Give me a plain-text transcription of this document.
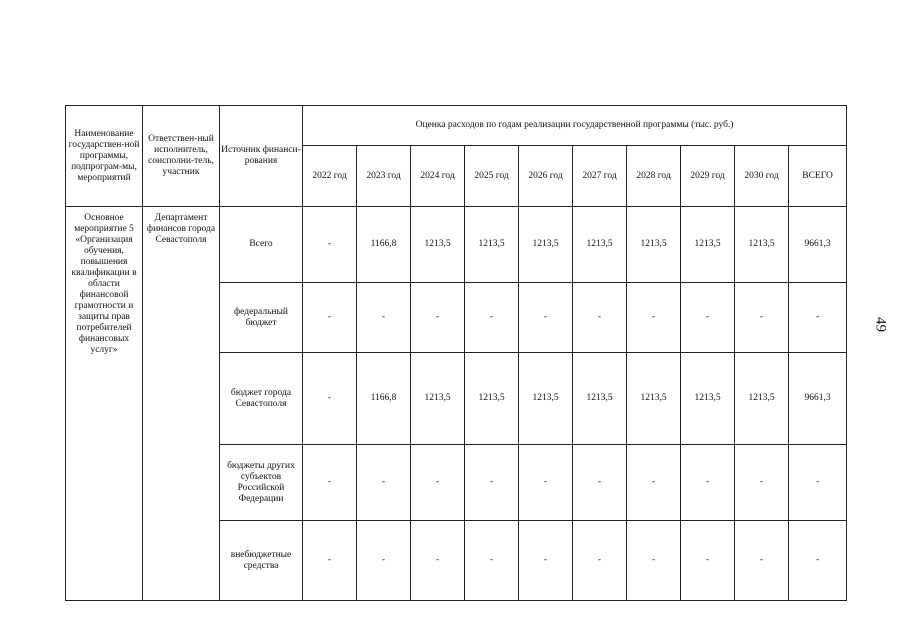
Наименование государствен-ной программы, подпрограм-мы, мероприятий	Ответствен-ный исполнитель, соисполни-тель, участник	Источник финанси-рования	Оценка расходов по годам реализации государственной программы (тыс. руб.)									
			2022 год	2023 год	2024 год	2025 год	2026 год	2027 год	2028 год	2029 год	2030 год	ВСЕГО
Основное мероприятие 5 «Организация обучения, повышения квалификации в области финансовой грамотности и защиты прав потребителей финансовых услуг»	Департамент финансов города Севастополя	Всего	-	1166,8	1213,5	1213,5	1213,5	1213,5	1213,5	1213,5	1213,5	9661,3
		федеральный бюджет	-	-	-	-	-	-	-	-	-	-
		бюджет города Севастополя	-	1166,8	1213,5	1213,5	1213,5	1213,5	1213,5	1213,5	1213,5	9661,3
		бюджеты других субъектов Российской Федерации	-	-	-	-	-	-	-	-	-	-
		внебюджетные средства	-	-	-	-	-	-	-	-	-	-
49
